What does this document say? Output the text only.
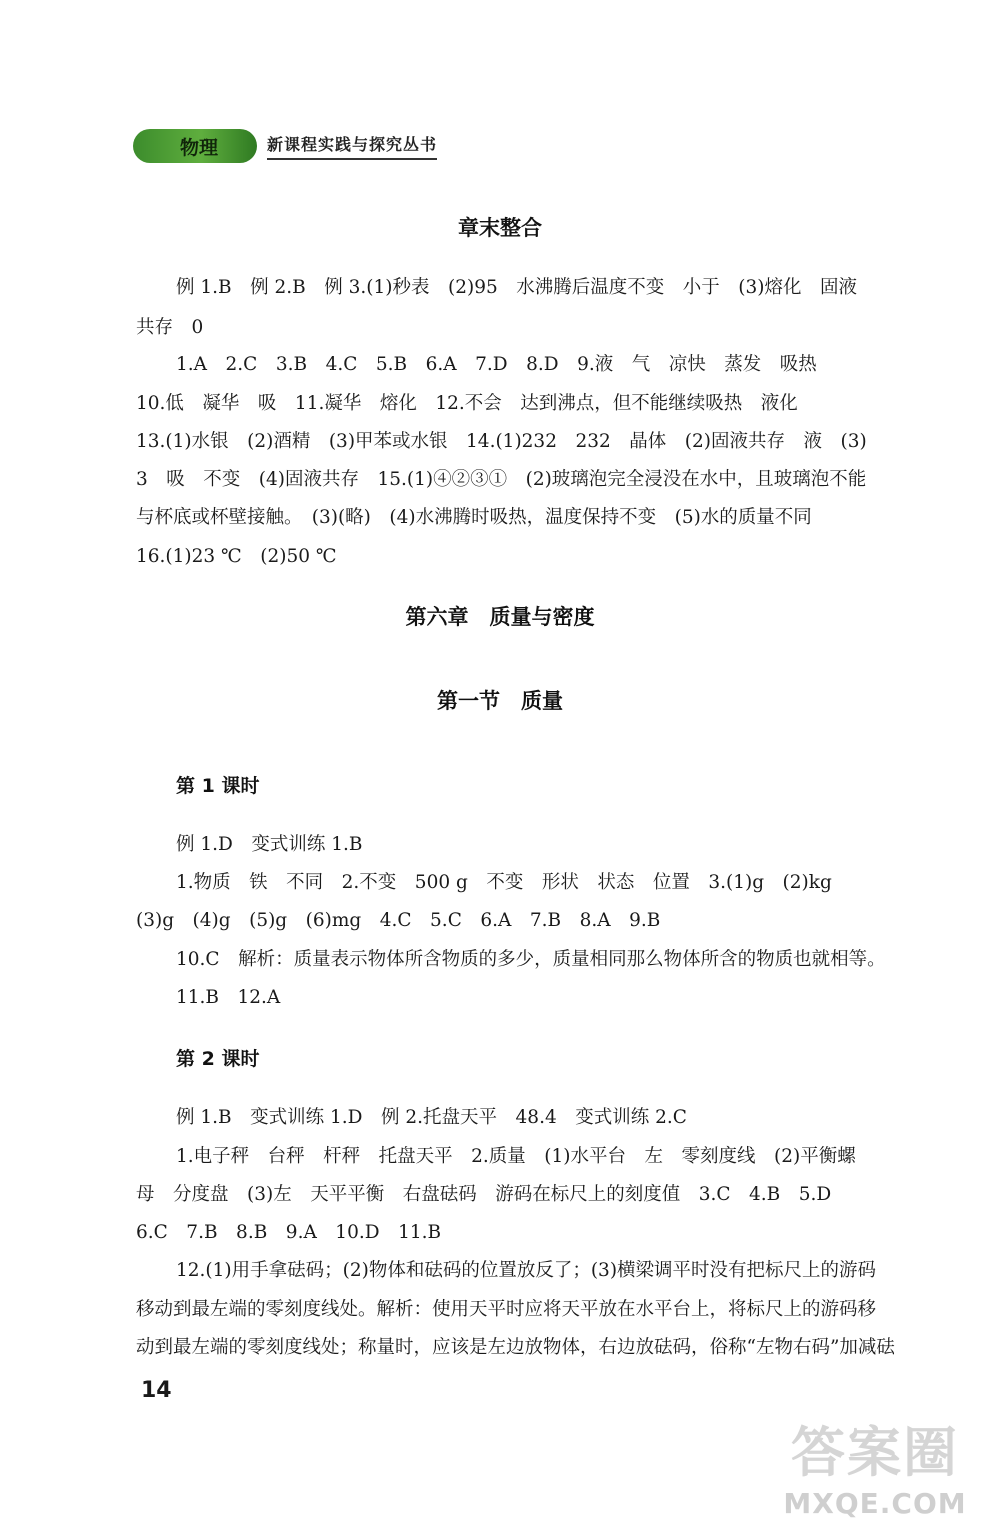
物理	新课程实践与探究丛书
章末整合
例 1.B　例 2.B　例 3.(1)秒表　(2)95　水沸腾后温度不变　小于　(3)熔化　固液
共存　0
1.A　2.C　3.B　4.C　5.B　6.A　7.D　8.D　9.液　气　凉快　蒸发　吸热
10.低　凝华　吸　11.凝华　熔化　12.不会　达到沸点，但不能继续吸热　液化
13.(1)水银　(2)酒精　(3)甲苯或水银　14.(1)232　232　晶体　(2)固液共存　液　(3)
3　吸　不变　(4)固液共存　15.(1)④②③①　(2)玻璃泡完全浸没在水中，且玻璃泡不能
与杯底或杯壁接触。　(3)(略)　(4)水沸腾时吸热，温度保持不变　(5)水的质量不同
16.(1)23 ℃　(2)50 ℃
第六章　质量与密度
第一节　质量
第 1 课时
例 1.D　变式训练 1.B
1.物质　铁　不同　2.不变　500 g　不变　形状　状态　位置　3.(1)g　(2)kg
(3)g　(4)g　(5)g　(6)mg　4.C　5.C　6.A　7.B　8.A　9.B
10.C　解析：质量表示物体所含物质的多少，质量相同那么物体所含的物质也就相等。
11.B　12.A
第 2 课时
例 1.B　变式训练 1.D　例 2.托盘天平　48.4　变式训练 2.C
1.电子秤　台秤　杆秤　托盘天平　2.质量　(1)水平台　左　零刻度线　(2)平衡螺
母　分度盘　(3)左　天平平衡　右盘砝码　游码在标尺上的刻度值　3.C　4.B　5.D
6.C　7.B　8.B　9.A　10.D　11.B
12.(1)用手拿砝码；(2)物体和砝码的位置放反了；(3)横梁调平时没有把标尺上的游码
移动到最左端的零刻度线处。解析：使用天平时应将天平放在水平台上，将标尺上的游码移
动到最左端的零刻度线处；称量时，应该是左边放物体，右边放砝码，俗称“左物右码”加减砝
14
答案圈
MXQE.COM
